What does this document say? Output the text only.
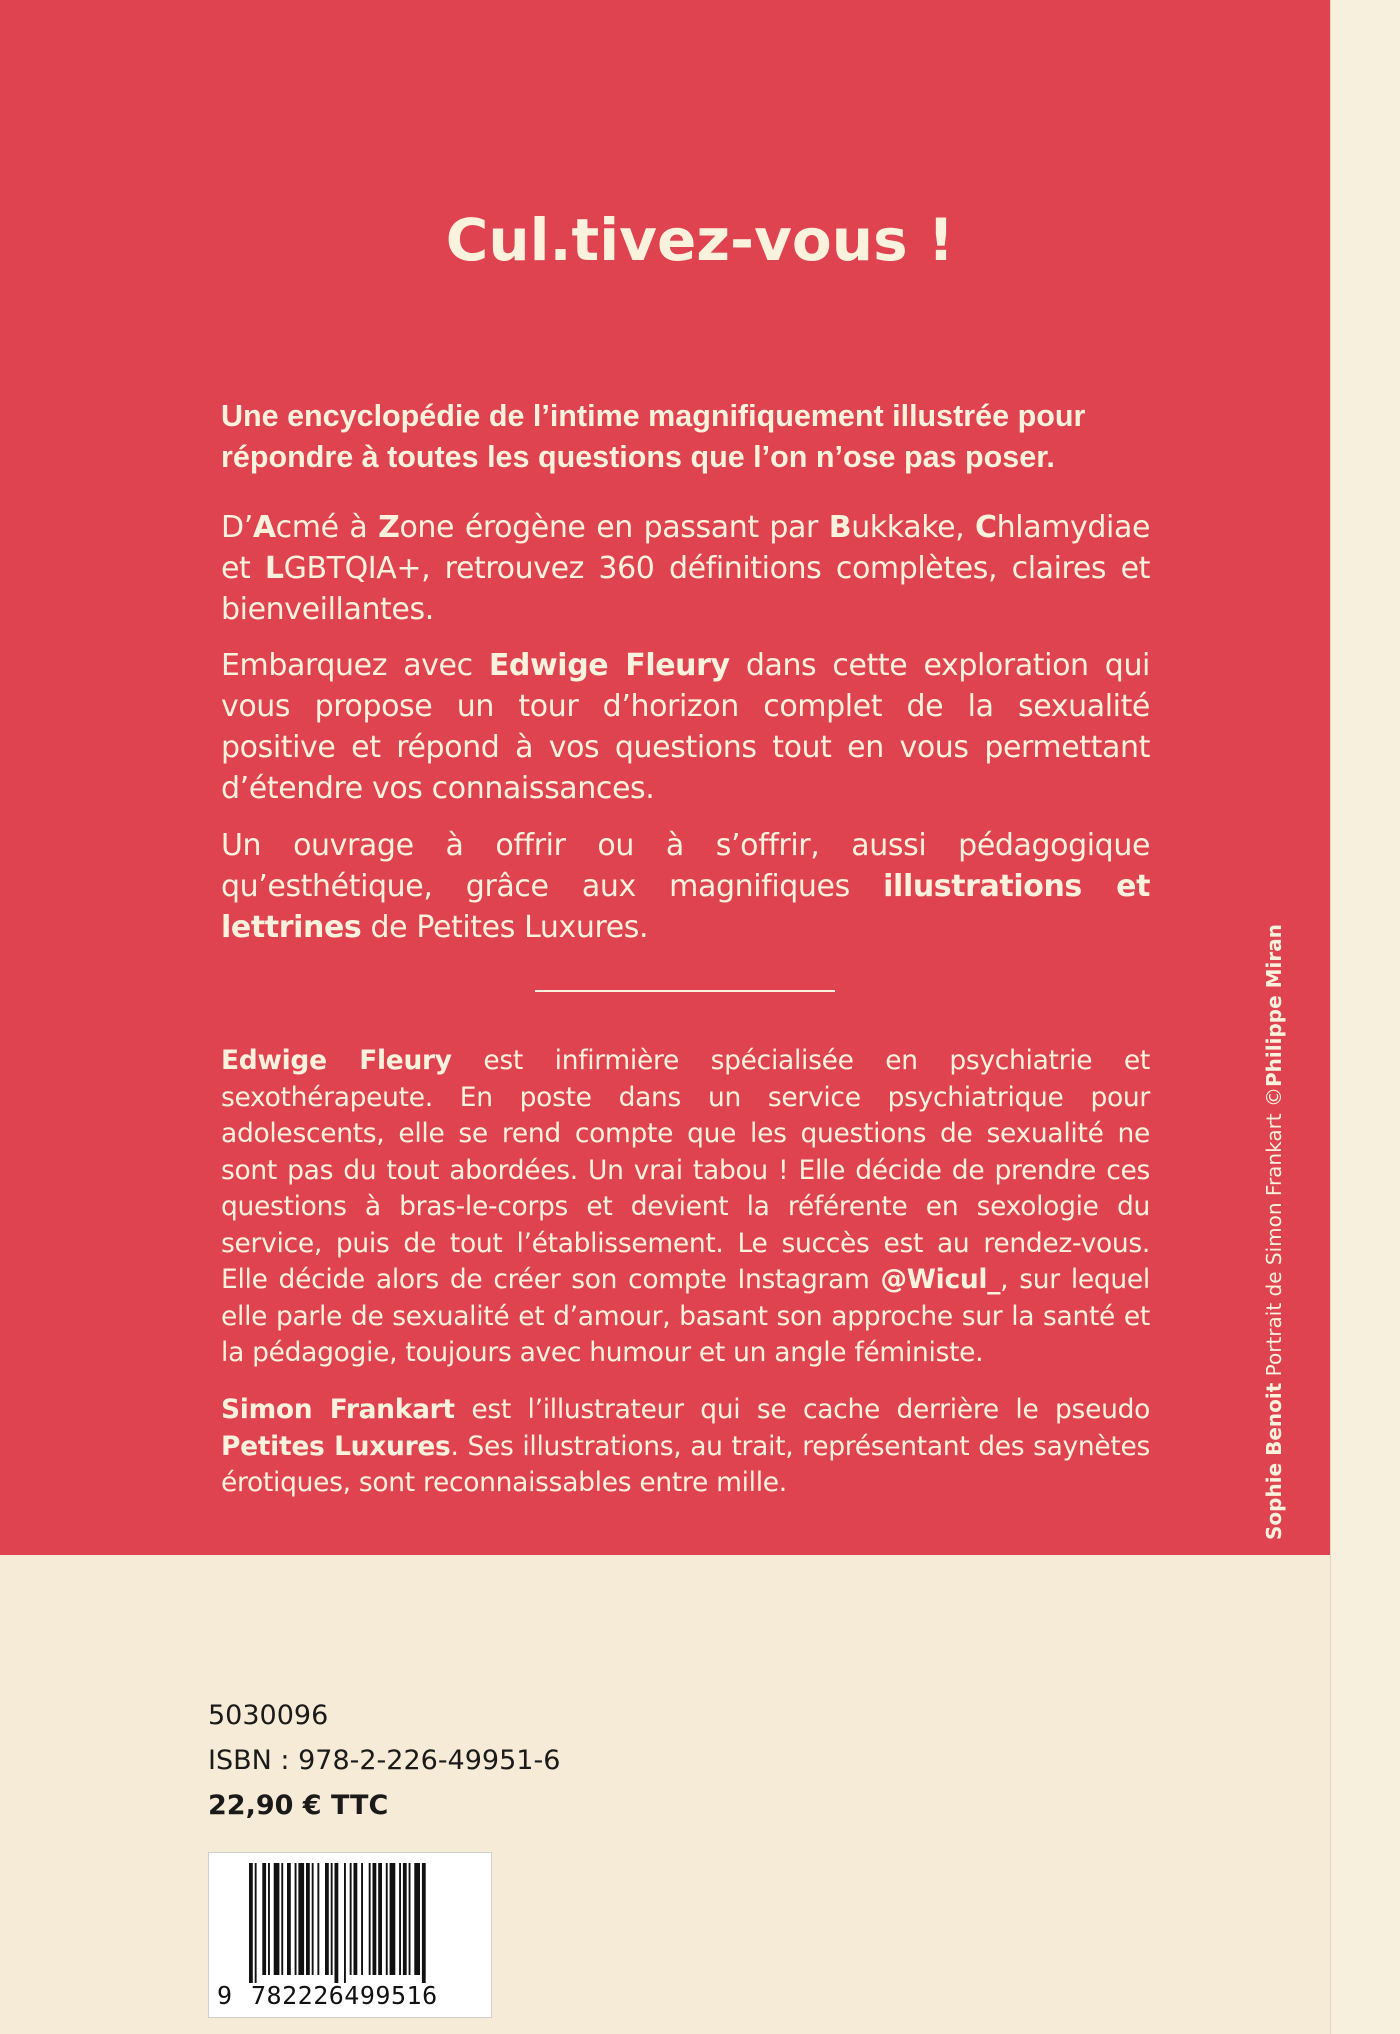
Cul.tivez-vous !
Une encyclopédie de l’intime magnifiquement illustrée pour répondre à toutes les questions que l’on n’ose pas poser.
D’Acmé à Zone érogène en passant par Bukkake, Chlamydiae et LGBTQIA+, retrouvez 360 définitions complètes, claires et bienveillantes.
Embarquez avec Edwige Fleury dans cette exploration qui vous propose un tour d’horizon complet de la sexualité positive et répond à vos questions tout en vous permettant d’étendre vos connaissances.
Un ouvrage à offrir ou à s’offrir, aussi pédagogique qu’esthétique, grâce aux magnifiques illustrations et lettrines de Petites Luxures.
Edwige Fleury est infirmière spécialisée en psychiatrie et sexothérapeute. En poste dans un service psychiatrique pour adolescents, elle se rend compte que les questions de sexualité ne sont pas du tout abordées. Un vrai tabou ! Elle décide de prendre ces questions à bras-le-corps et devient la référente en sexologie du service, puis de tout l’établissement. Le succès est au rendez-vous. Elle décide alors de créer son compte Instagram @Wicul_, sur lequel elle parle de sexualité et d’amour, basant son approche sur la santé et la pédagogie, toujours avec humour et un angle féministe.
Simon Frankart est l’illustrateur qui se cache derrière le pseudo Petites Luxures. Ses illustrations, au trait, représentant des saynètes érotiques, sont reconnaissables entre mille.	Sophie Benoit Portrait de Simon Frankart ©Philippe Miran
5030096
ISBN : 978-2-226-49951-6
22,90 € TTC
9 782226499516
